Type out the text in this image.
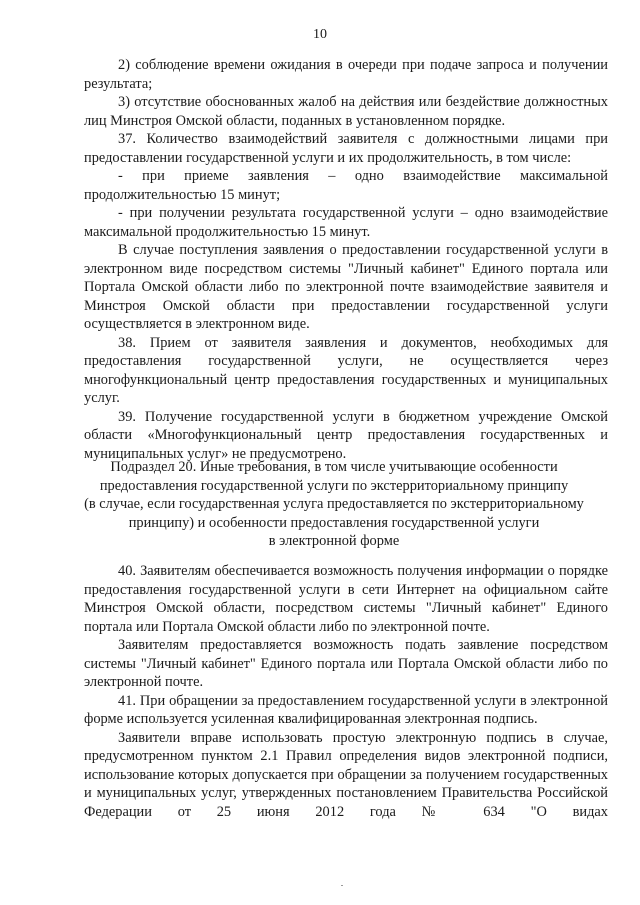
10

2) соблюдение времени ожидания в очереди при подаче запроса и получении результата;

3) отсутствие обоснованных жалоб на действия или бездействие должностных лиц Минстроя Омской области, поданных в установленном порядке.

37. Количество взаимодействий заявителя с должностными лицами при предоставлении государственной услуги и их продолжительность, в том числе:

- при приеме заявления – одно взаимодействие максимальной продолжительностью 15 минут;

- при получении результата государственной услуги – одно взаимодействие максимальной продолжительностью 15 минут.

В случае поступления заявления о предоставлении государственной услуги в электронном виде посредством системы "Личный кабинет" Единого портала или Портала Омской области либо по электронной почте взаимодействие заявителя и Минстроя Омской области при предоставлении государственной услуги осуществляется в электронном виде.

38. Прием от заявителя заявления и документов, необходимых для предоставления государственной услуги, не осуществляется через многофункциональный центр предоставления государственных и муниципальных услуг.

39. Получение государственной услуги в бюджетном учреждение Омской области «Многофункциональный центр предоставления государственных и муниципальных услуг» не предусмотрено.

Подраздел 20. Иные требования, в том числе учитывающие особенности
предоставления государственной услуги по экстерриториальному принципу
(в случае, если государственная услуга предоставляется по экстерриториальному
принципу) и особенности предоставления государственной услуги
в электронной форме

40. Заявителям обеспечивается возможность получения информации о порядке предоставления государственной услуги в сети Интернет на официальном сайте Минстроя Омской области, посредством системы "Личный кабинет" Единого портала или Портала Омской области либо по электронной почте.

Заявителям предоставляется возможность подать заявление посредством системы "Личный кабинет" Единого портала или Портала Омской области либо по электронной почте.

41. При обращении за предоставлением государственной услуги в электронной форме используется усиленная квалифицированная электронная подпись.

Заявители вправе использовать простую электронную подпись в случае, предусмотренном пунктом 2.1 Правил определения видов электронной подписи, использование которых допускается при обращении за получением государственных и муниципальных услуг, утвержденных постановлением Правительства Российской Федерации от 25 июня 2012 года № 634 "О видах
